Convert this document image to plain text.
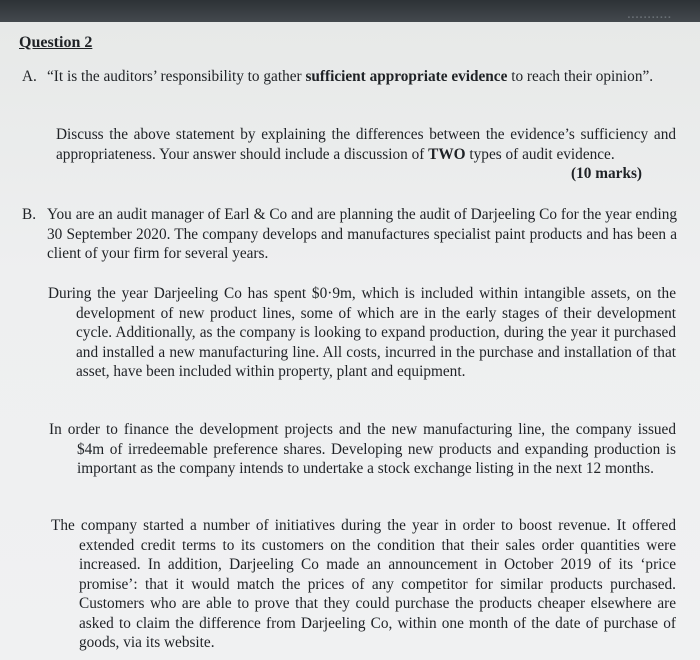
...........
Question 2
A. “It is the auditors’ responsibility to gather sufficient appropriate evidence to reach their opinion”.
Discuss the above statement by explaining the differences between the evidence’s sufficiency and appropriateness. Your answer should include a discussion of TWO types of audit evidence.
(10 marks)
B. You are an audit manager of Earl & Co and are planning the audit of Darjeeling Co for the year ending 30 September 2020. The company develops and manufactures specialist paint products and has been a client of your firm for several years.
During the year Darjeeling Co has spent $0·9m, which is included within intangible assets, on the development of new product lines, some of which are in the early stages of their development cycle. Additionally, as the company is looking to expand production, during the year it purchased and installed a new manufacturing line. All costs, incurred in the purchase and installation of that asset, have been included within property, plant and equipment.
In order to finance the development projects and the new manufacturing line, the company issued $4m of irredeemable preference shares. Developing new products and expanding production is important as the company intends to undertake a stock exchange listing in the next 12 months.
The company started a number of initiatives during the year in order to boost revenue. It offered extended credit terms to its customers on the condition that their sales order quantities were increased. In addition, Darjeeling Co made an announcement in October 2019 of its ‘price promise’: that it would match the prices of any competitor for similar products purchased. Customers who are able to prove that they could purchase the products cheaper elsewhere are asked to claim the difference from Darjeeling Co, within one month of the date of purchase of goods, via its website.
